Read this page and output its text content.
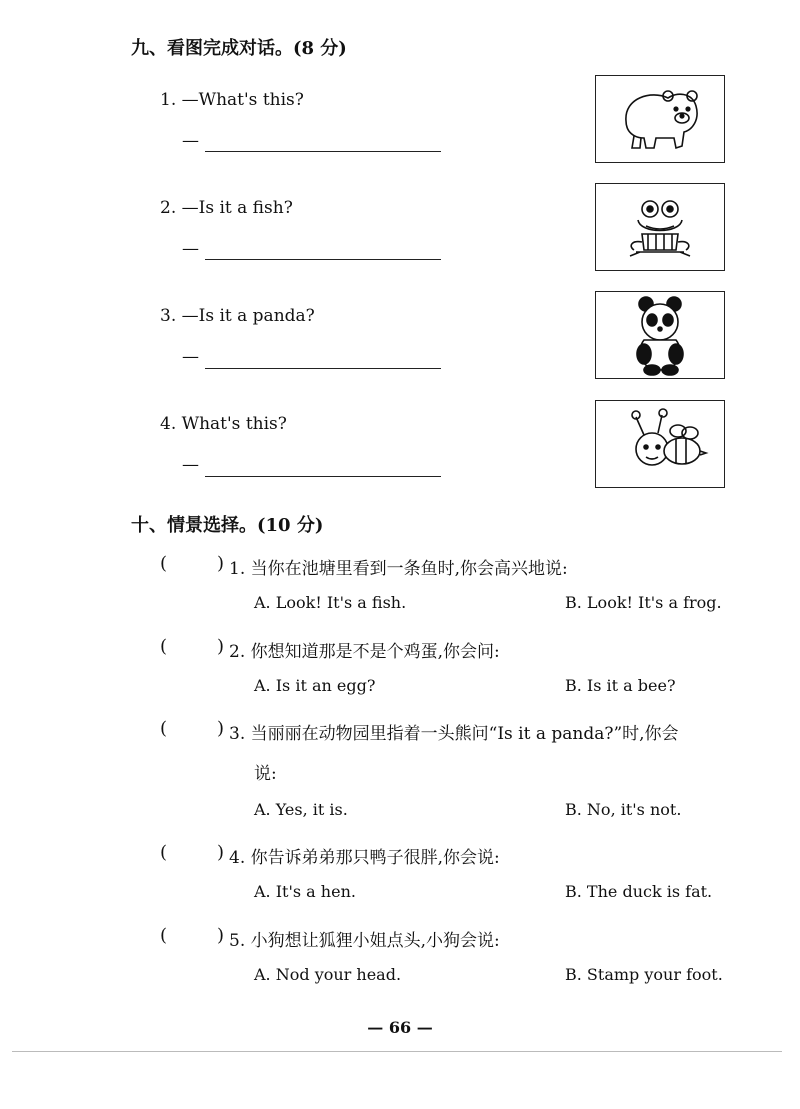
九、看图完成对话。(8 分)
1. —What's this?
—
2. —Is it a fish?
—
3. —Is it a panda?
—
4. What's this?
—
十、情景选择。(10 分)
(	) 1. 当你在池塘里看到一条鱼时,你会高兴地说:
A. Look! It's a fish.	B. Look! It's a frog.
(	) 2. 你想知道那是不是个鸡蛋,你会问:
A. Is it an egg?	B. Is it a bee?
(	) 3. 当丽丽在动物园里指着一头熊问“Is it a panda?”时,你会
说:
A. Yes, it is.	B. No, it's not.
(	) 4. 你告诉弟弟那只鸭子很胖,你会说:
A. It's a hen.	B. The duck is fat.
(	) 5. 小狗想让狐狸小姐点头,小狗会说:
A. Nod your head.	B. Stamp your foot.
— 66 —
